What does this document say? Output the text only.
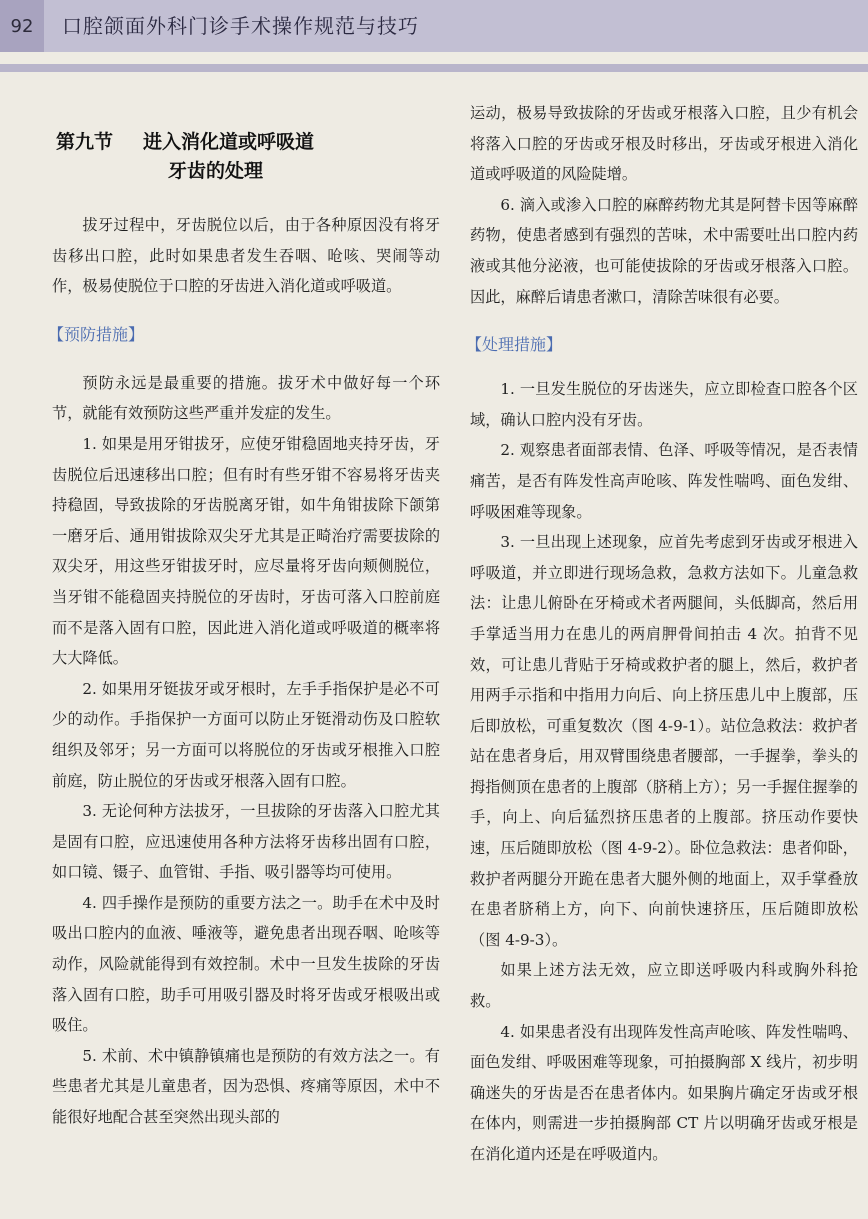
92 口腔颌面外科门诊手术操作规范与技巧
第九节 进入消化道或呼吸道
牙齿的处理

拔牙过程中，牙齿脱位以后，由于各种原因没有将牙齿移出口腔，此时如果患者发生吞咽、呛咳、哭闹等动作，极易使脱位于口腔的牙齿进入消化道或呼吸道。

【预防措施】

预防永远是最重要的措施。拔牙术中做好每一个环节，就能有效预防这些严重并发症的发生。

1. 如果是用牙钳拔牙，应使牙钳稳固地夹持牙齿，牙齿脱位后迅速移出口腔；但有时有些牙钳不容易将牙齿夹持稳固，导致拔除的牙齿脱离牙钳，如牛角钳拔除下颌第一磨牙后、通用钳拔除双尖牙尤其是正畸治疗需要拔除的双尖牙，用这些牙钳拔牙时，应尽量将牙齿向颊侧脱位，当牙钳不能稳固夹持脱位的牙齿时，牙齿可落入口腔前庭而不是落入固有口腔，因此进入消化道或呼吸道的概率将大大降低。

2. 如果用牙铤拔牙或牙根时，左手手指保护是必不可少的动作。手指保护一方面可以防止牙铤滑动伤及口腔软组织及邻牙；另一方面可以将脱位的牙齿或牙根推入口腔前庭，防止脱位的牙齿或牙根落入固有口腔。

3. 无论何种方法拔牙，一旦拔除的牙齿落入口腔尤其是固有口腔，应迅速使用各种方法将牙齿移出固有口腔，如口镜、镊子、血管钳、手指、吸引器等均可使用。

4. 四手操作是预防的重要方法之一。助手在术中及时吸出口腔内的血液、唾液等，避免患者出现吞咽、呛咳等动作，风险就能得到有效控制。术中一旦发生拔除的牙齿落入固有口腔，助手可用吸引器及时将牙齿或牙根吸出或吸住。

5. 术前、术中镇静镇痛也是预防的有效方法之一。有些患者尤其是儿童患者，因为恐惧、疼痛等原因，术中不能很好地配合甚至突然出现头部的

运动，极易导致拔除的牙齿或牙根落入口腔，且少有机会将落入口腔的牙齿或牙根及时移出，牙齿或牙根进入消化道或呼吸道的风险陡增。

6. 滴入或渗入口腔的麻醉药物尤其是阿替卡因等麻醉药物，使患者感到有强烈的苦味，术中需要吐出口腔内药液或其他分泌液，也可能使拔除的牙齿或牙根落入口腔。因此，麻醉后请患者漱口，清除苦味很有必要。

【处理措施】

1. 一旦发生脱位的牙齿迷失，应立即检查口腔各个区域，确认口腔内没有牙齿。

2. 观察患者面部表情、色泽、呼吸等情况，是否表情痛苦，是否有阵发性高声呛咳、阵发性喘鸣、面色发绀、呼吸困难等现象。

3. 一旦出现上述现象，应首先考虑到牙齿或牙根进入呼吸道，并立即进行现场急救，急救方法如下。儿童急救法：让患儿俯卧在牙椅或术者两腿间，头低脚高，然后用手掌适当用力在患儿的两肩胛骨间拍击 4 次。拍背不见效，可让患儿背贴于牙椅或救护者的腿上，然后，救护者用两手示指和中指用力向后、向上挤压患儿中上腹部，压后即放松，可重复数次（图 4-9-1）。站位急救法：救护者站在患者身后，用双臂围绕患者腰部，一手握拳，拳头的拇指侧顶在患者的上腹部（脐稍上方）；另一手握住握拳的手，向上、向后猛烈挤压患者的上腹部。挤压动作要快速，压后随即放松（图 4-9-2）。卧位急救法：患者仰卧，救护者两腿分开跪在患者大腿外侧的地面上，双手掌叠放在患者脐稍上方，向下、向前快速挤压，压后随即放松（图 4-9-3）。

如果上述方法无效，应立即送呼吸内科或胸外科抢救。

4. 如果患者没有出现阵发性高声呛咳、阵发性喘鸣、面色发绀、呼吸困难等现象，可拍摄胸部 X 线片，初步明确迷失的牙齿是否在患者体内。如果胸片确定牙齿或牙根在体内，则需进一步拍摄胸部 CT 片以明确牙齿或牙根是在消化道内还是在呼吸道内。
